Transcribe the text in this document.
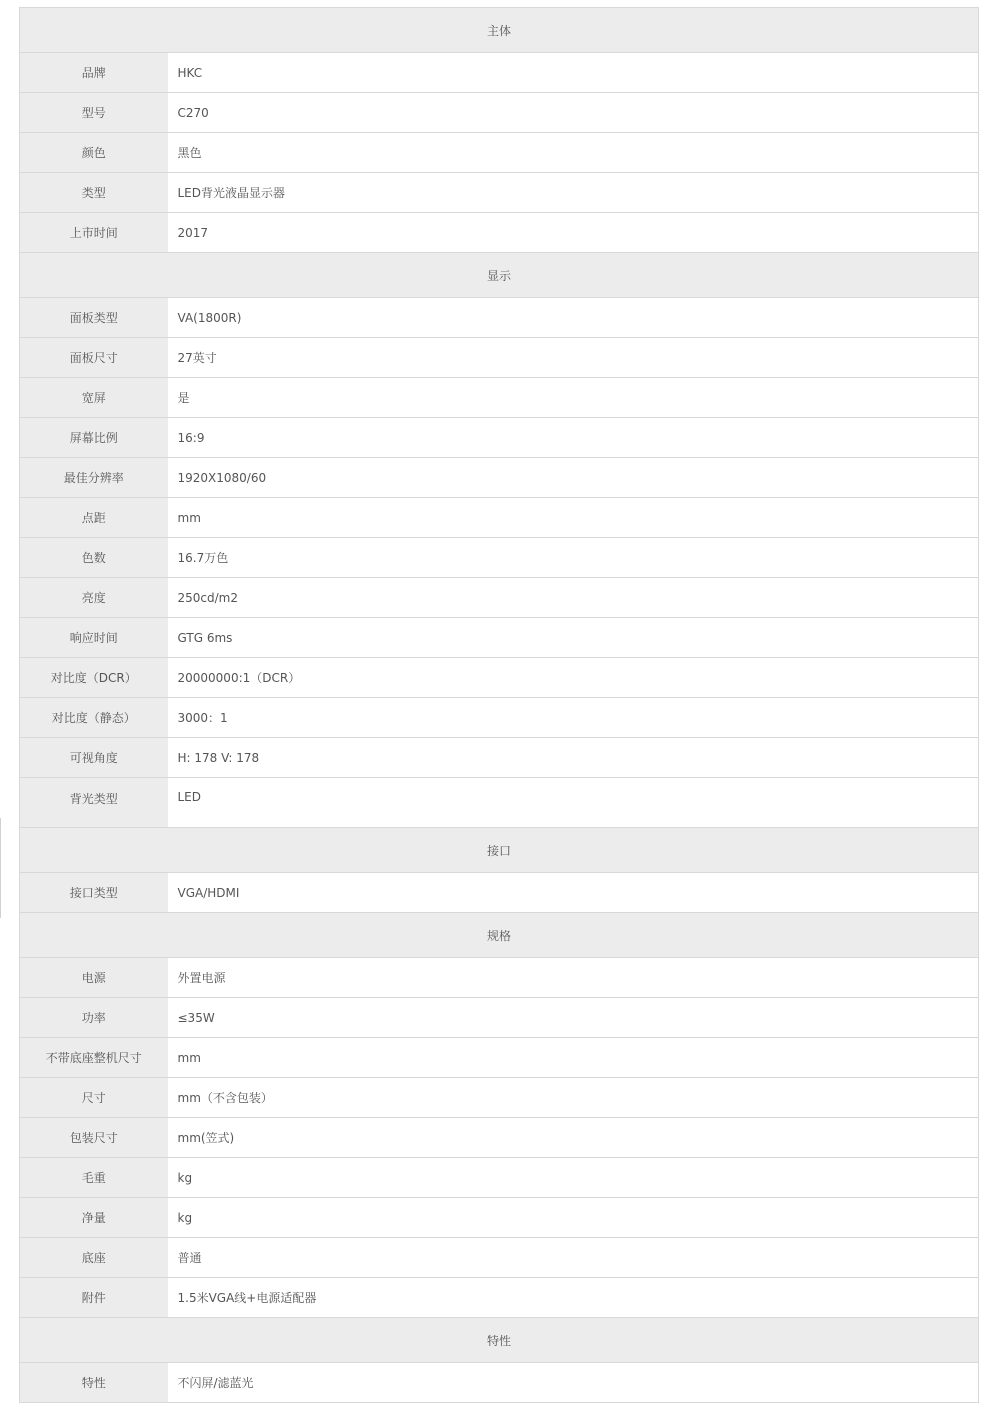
主体	
品牌	HKC
型号	C270
颜色	黑色
类型	LED背光液晶显示器
上市时间	2017
显示	
面板类型	VA(1800R)
面板尺寸	27英寸
宽屏	是
屏幕比例	16:9
最佳分辨率	1920X1080/60
点距	mm
色数	16.7万色
亮度	250cd/m2
响应时间	GTG 6ms
对比度（DCR）	20000000:1（DCR）
对比度（静态）	3000：1
可视角度	H: 178 V: 178
背光类型	LED
接口	
接口类型	VGA/HDMI
规格	
电源	外置电源
功率	≤35W
不带底座整机尺寸	mm
尺寸	mm（不含包装）
包装尺寸	mm(笠式)
毛重	kg
净量	kg
底座	普通
附件	1.5米VGA线+电源适配器
特性	
特性	不闪屏/滤蓝光
